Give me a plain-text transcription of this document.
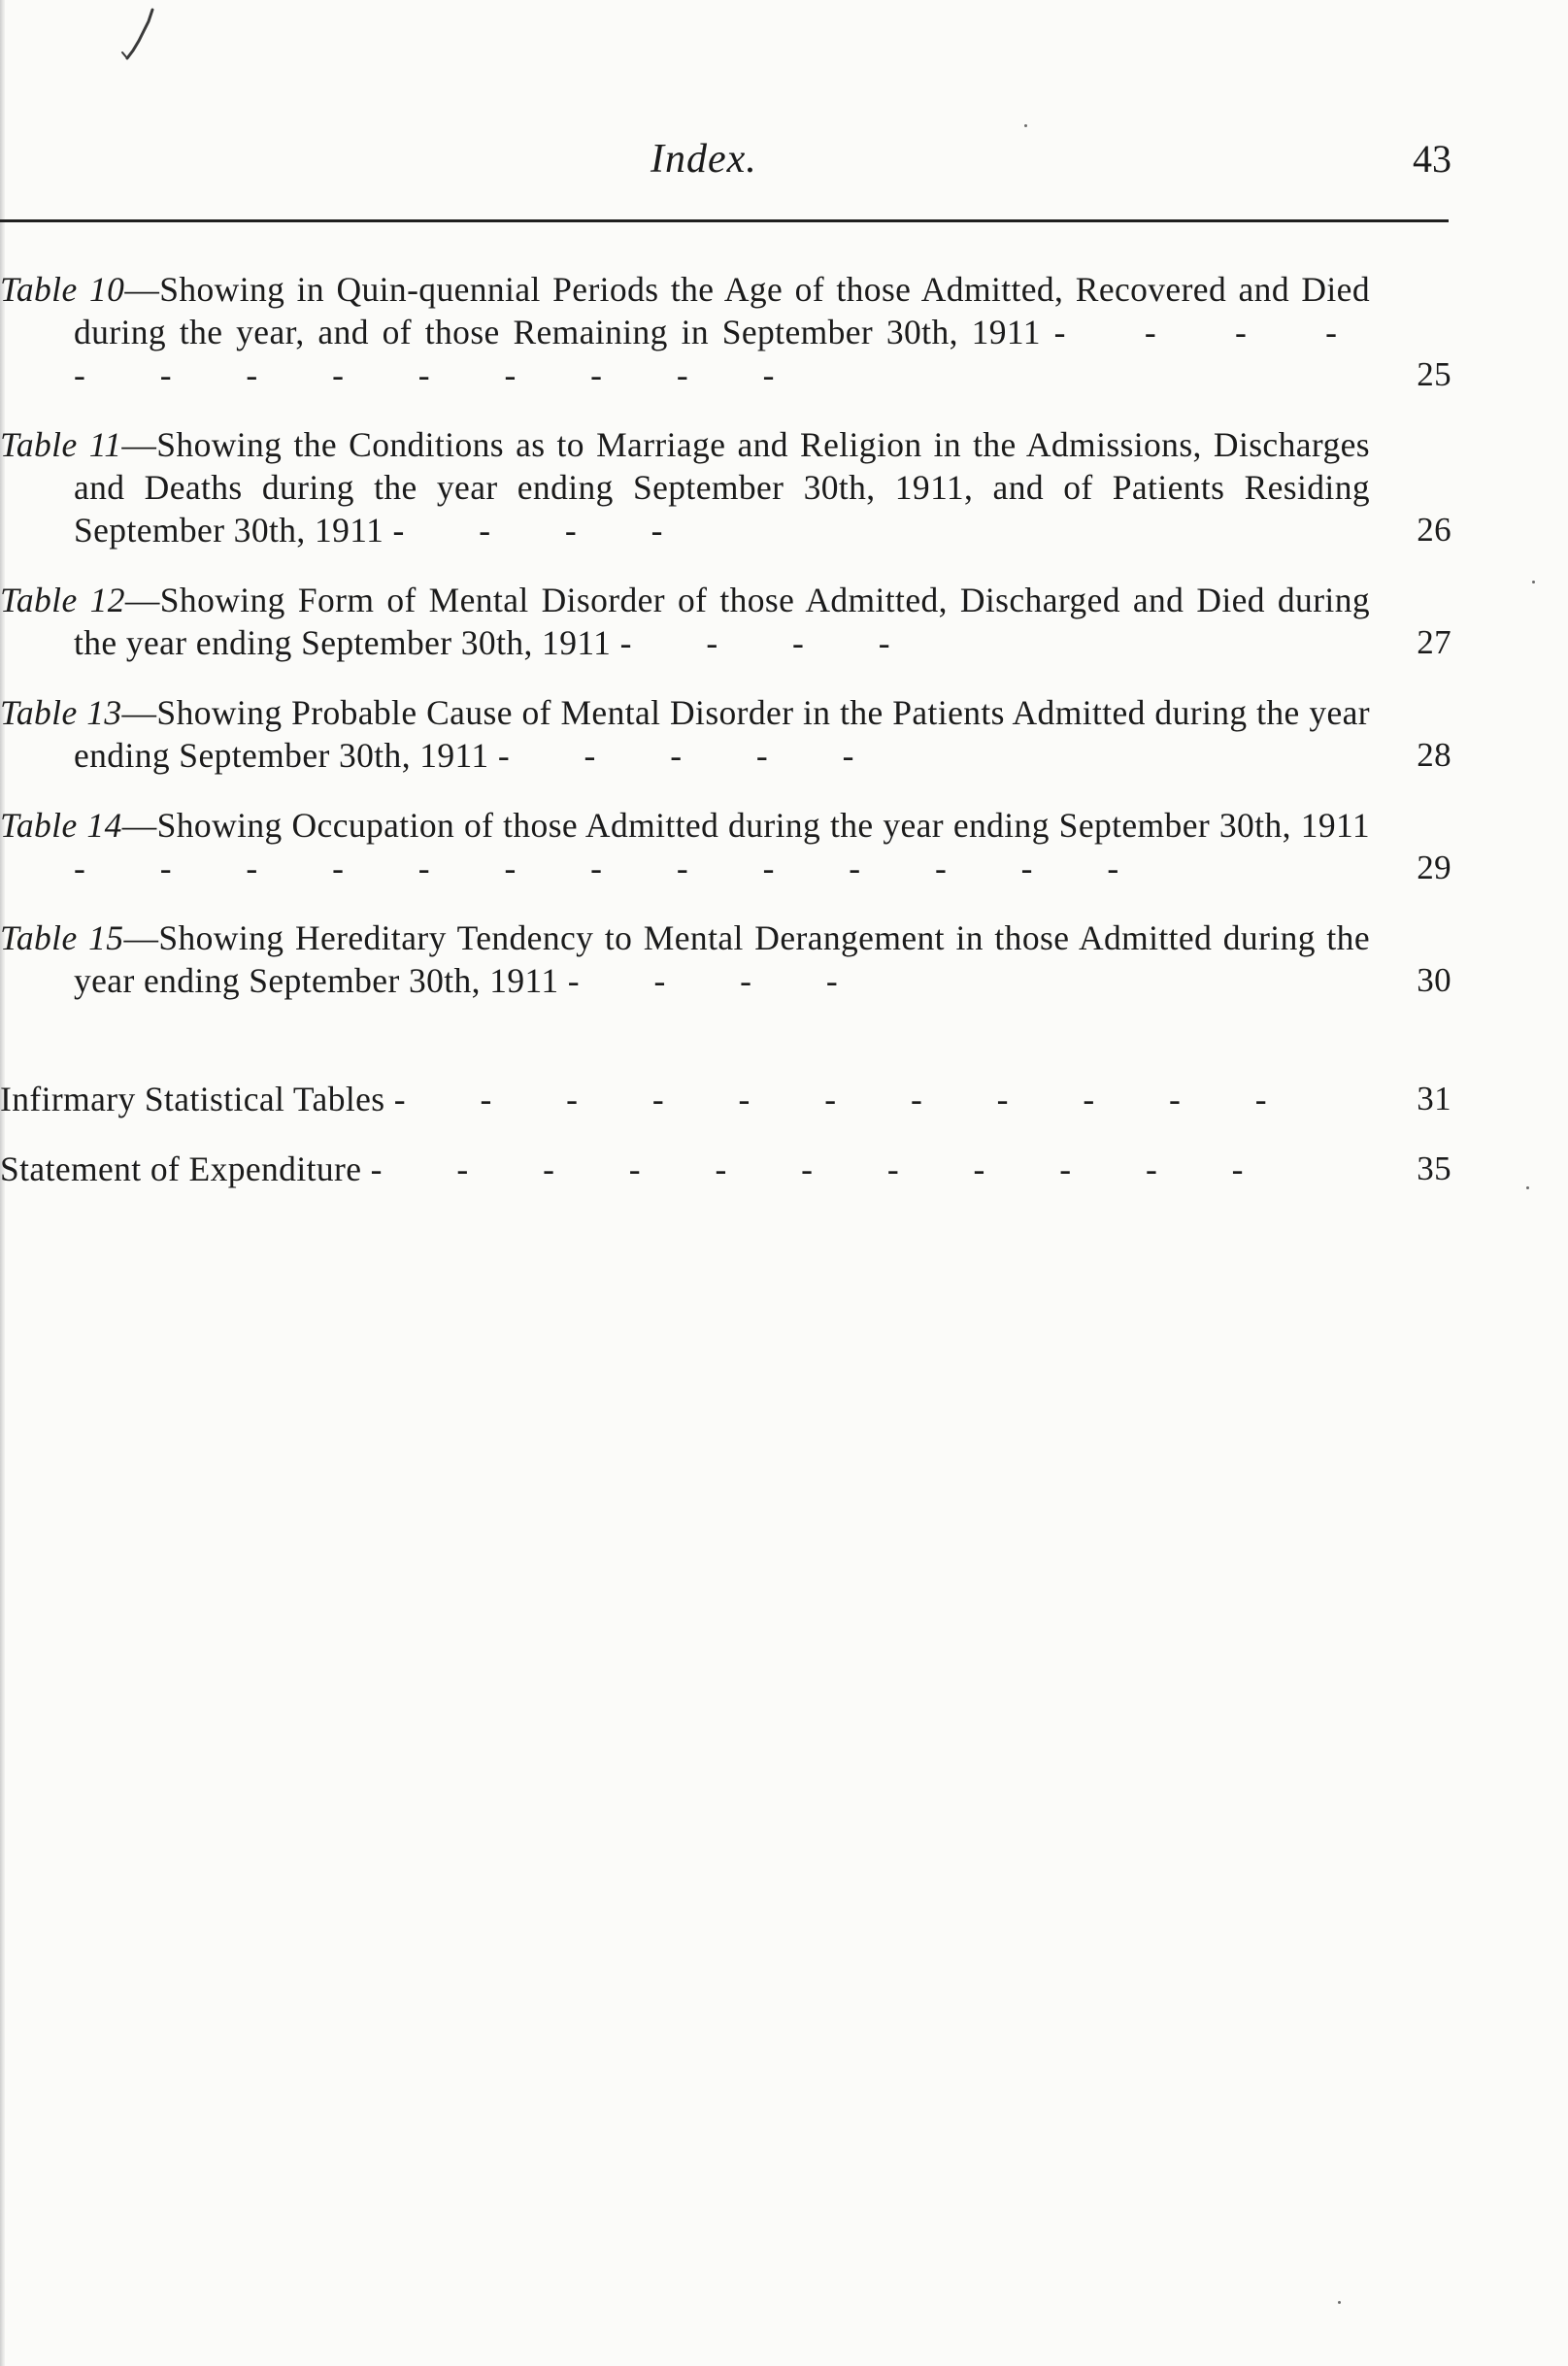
Index.	43
Table 10—Showing in Quin-quennial Periods the Age of those Admitted, Recovered and Died during the year, and of those Remaining in September 30th, 1911 - - - - - - - - - - - - -	25
Table 11—Showing the Conditions as to Marriage and Religion in the Admissions, Discharges and Deaths during the year ending September 30th, 1911, and of Patients Residing September 30th, 1911 - - - -	26
Table 12—Showing Form of Mental Disorder of those Admitted, Discharged and Died during the year ending September 30th, 1911 - - - -	27
Table 13—Showing Probable Cause of Mental Disorder in the Patients Admitted during the year ending September 30th, 1911 - - - - -	28
Table 14—Showing Occupation of those Admitted during the year ending September 30th, 1911 - - - - - - - - - - - - -	29
Table 15—Showing Hereditary Tendency to Mental Derangement in those Admitted during the year ending September 30th, 1911 - - - -	30
Infirmary Statistical Tables - - - - - - - - - - -	31
Statement of Expenditure - - - - - - - - - - -	35
